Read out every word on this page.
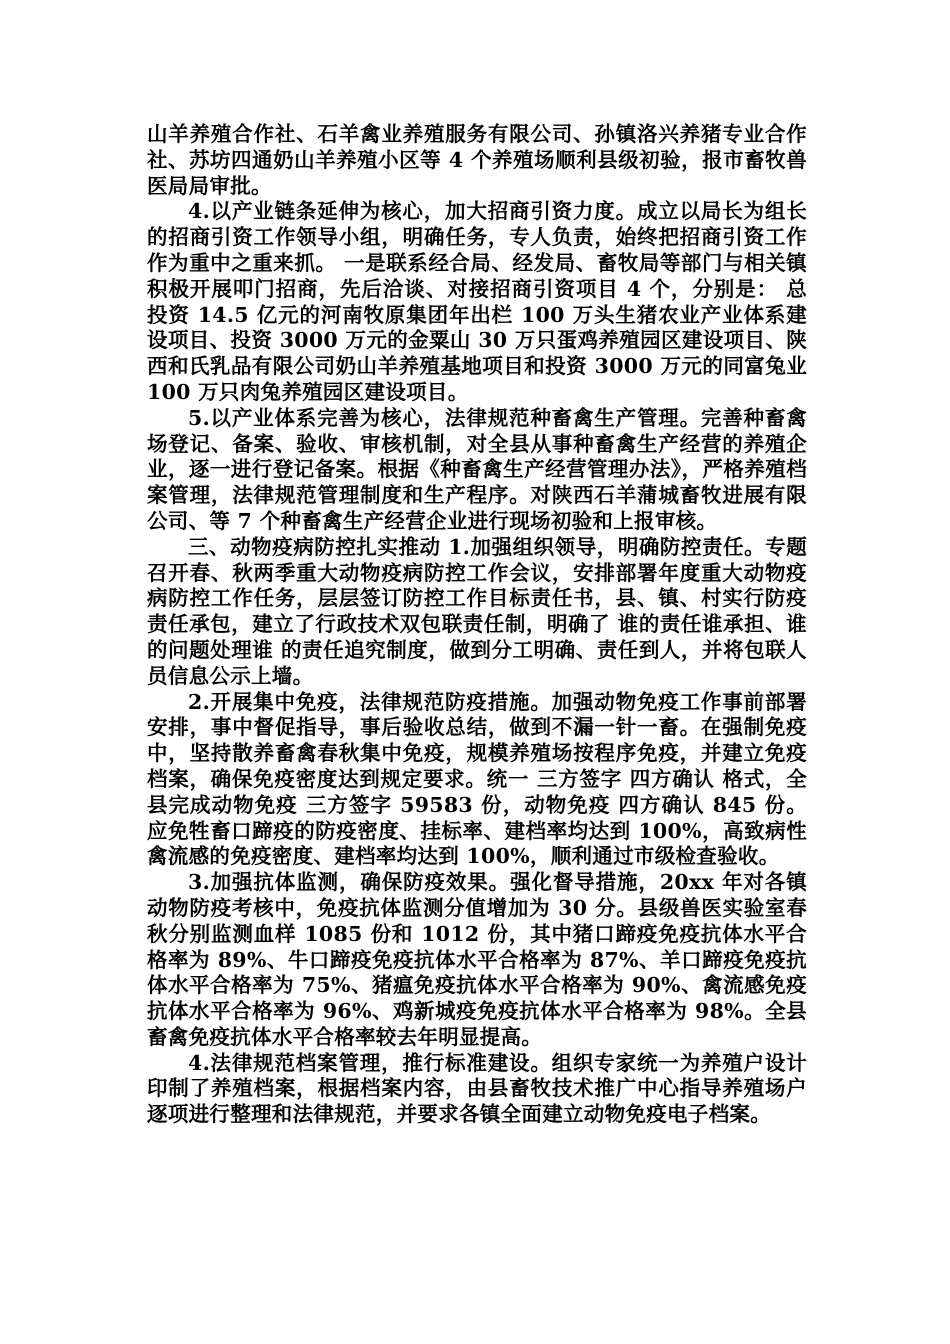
山羊养殖合作社、石羊禽业养殖服务有限公司、孙镇洛兴养猪专业合作社、苏坊四通奶山羊养殖小区等 4 个养殖场顺利县级初验，报市畜牧兽医局局审批。

4.以产业链条延伸为核心，加大招商引资力度。成立以局长为组长的招商引资工作领导小组，明确任务，专人负责，始终把招商引资工作作为重中之重来抓。 一是联系经合局、经发局、畜牧局等部门与相关镇积极开展叩门招商，先后洽谈、对接招商引资项目 4 个，分别是： 总投资 14.5 亿元的河南牧原集团年出栏 100 万头生猪农业产业体系建设项目、投资 3000 万元的金粟山 30 万只蛋鸡养殖园区建设项目、陕西和氏乳品有限公司奶山羊养殖基地项目和投资 3000 万元的同富兔业 100 万只肉兔养殖园区建设项目。

5.以产业体系完善为核心，法律规范种畜禽生产管理。完善种畜禽场登记、备案、验收、审核机制，对全县从事种畜禽生产经营的养殖企业，逐一进行登记备案。根据《种畜禽生产经营管理办法》，严格养殖档案管理，法律规范管理制度和生产程序。对陕西石羊蒲城畜牧进展有限公司、等 7 个种畜禽生产经营企业进行现场初验和上报审核。

三、动物疫病防控扎实推动 1.加强组织领导，明确防控责任。专题召开春、秋两季重大动物疫病防控工作会议，安排部署年度重大动物疫病防控工作任务，层层签订防控工作目标责任书，县、镇、村实行防疫责任承包，建立了行政技术双包联责任制，明确了 谁的责任谁承担、谁的问题处理谁 的责任追究制度，做到分工明确、责任到人，并将包联人员信息公示上墙。

2.开展集中免疫，法律规范防疫措施。加强动物免疫工作事前部署安排，事中督促指导，事后验收总结，做到不漏一针一畜。在强制免疫中，坚持散养畜禽春秋集中免疫，规模养殖场按程序免疫，并建立免疫档案，确保免疫密度达到规定要求。统一 三方签字 四方确认 格式，全县完成动物免疫 三方签字 59583 份，动物免疫 四方确认 845 份。应免牲畜口蹄疫的防疫密度、挂标率、建档率均达到 100%，高致病性禽流感的免疫密度、建档率均达到 100%，顺利通过市级检查验收。

3.加强抗体监测，确保防疫效果。强化督导措施，20xx 年对各镇动物防疫考核中，免疫抗体监测分值增加为 30 分。县级兽医实验室春秋分别监测血样 1085 份和 1012 份，其中猪口蹄疫免疫抗体水平合格率为 89%、牛口蹄疫免疫抗体水平合格率为 87%、羊口蹄疫免疫抗体水平合格率为 75%、猪瘟免疫抗体水平合格率为 90%、禽流感免疫抗体水平合格率为 96%、鸡新城疫免疫抗体水平合格率为 98%。全县畜禽免疫抗体水平合格率较去年明显提高。

4.法律规范档案管理，推行标准建设。组织专家统一为养殖户设计印制了养殖档案，根据档案内容，由县畜牧技术推广中心指导养殖场户逐项进行整理和法律规范，并要求各镇全面建立动物免疫电子档案。
